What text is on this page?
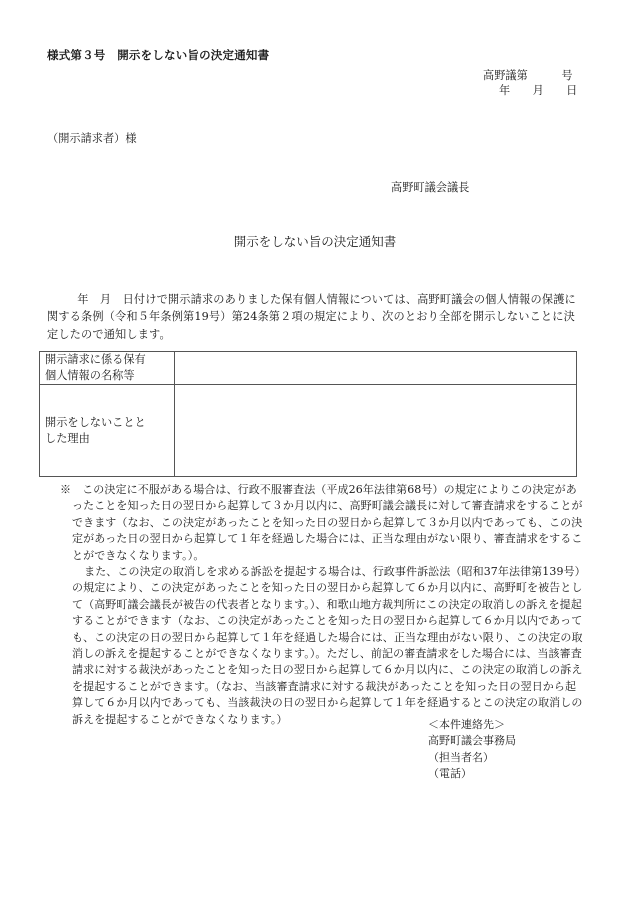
様式第３号　開示をしない旨の決定通知書
高野議第　　　号
年　　月　　日
（開示請求者）様
高野町議会議長
開示をしない旨の決定通知書

年　月　日付けで開示請求のありました保有個人情報については、高野町議会の個人情報の保護に関する条例（令和５年条例第19号）第24条第２項の規定により、次のとおり全部を開示しないことに決定したので通知します。

開示請求に係る保有
個人情報の名称等	

開示をしないことと
した理由	

※　この決定に不服がある場合は、行政不服審査法（平成26年法律第68号）の規定によりこの決定があったことを知った日の翌日から起算して３か月以内に、高野町議会議長に対して審査請求をすることができます（なお、この決定があったことを知った日の翌日から起算して３か月以内であっても、この決定があった日の翌日から起算して１年を経過した場合には、正当な理由がない限り、審査請求をすることができなくなります。）。

また、この決定の取消しを求める訴訟を提起する場合は、行政事件訴訟法（昭和37年法律第139号）の規定により、この決定があったことを知った日の翌日から起算して６か月以内に、高野町を被告として（高野町議会議長が被告の代表者となります。）、和歌山地方裁判所にこの決定の取消しの訴えを提起することができます（なお、この決定があったことを知った日の翌日から起算して６か月以内であっても、この決定の日の翌日から起算して１年を経過した場合には、正当な理由がない限り、この決定の取消しの訴えを提起することができなくなります。）。ただし、前記の審査請求をした場合には、当該審査請求に対する裁決があったことを知った日の翌日から起算して６か月以内に、この決定の取消しの訴えを提起することができます。（なお、当該審査請求に対する裁決があったことを知った日の翌日から起算して６か月以内であっても、当該裁決の日の翌日から起算して１年を経過するとこの決定の取消しの訴えを提起することができなくなります。）	＜本件連絡先＞
高野町議会事務局
（担当者名）
（電話）
